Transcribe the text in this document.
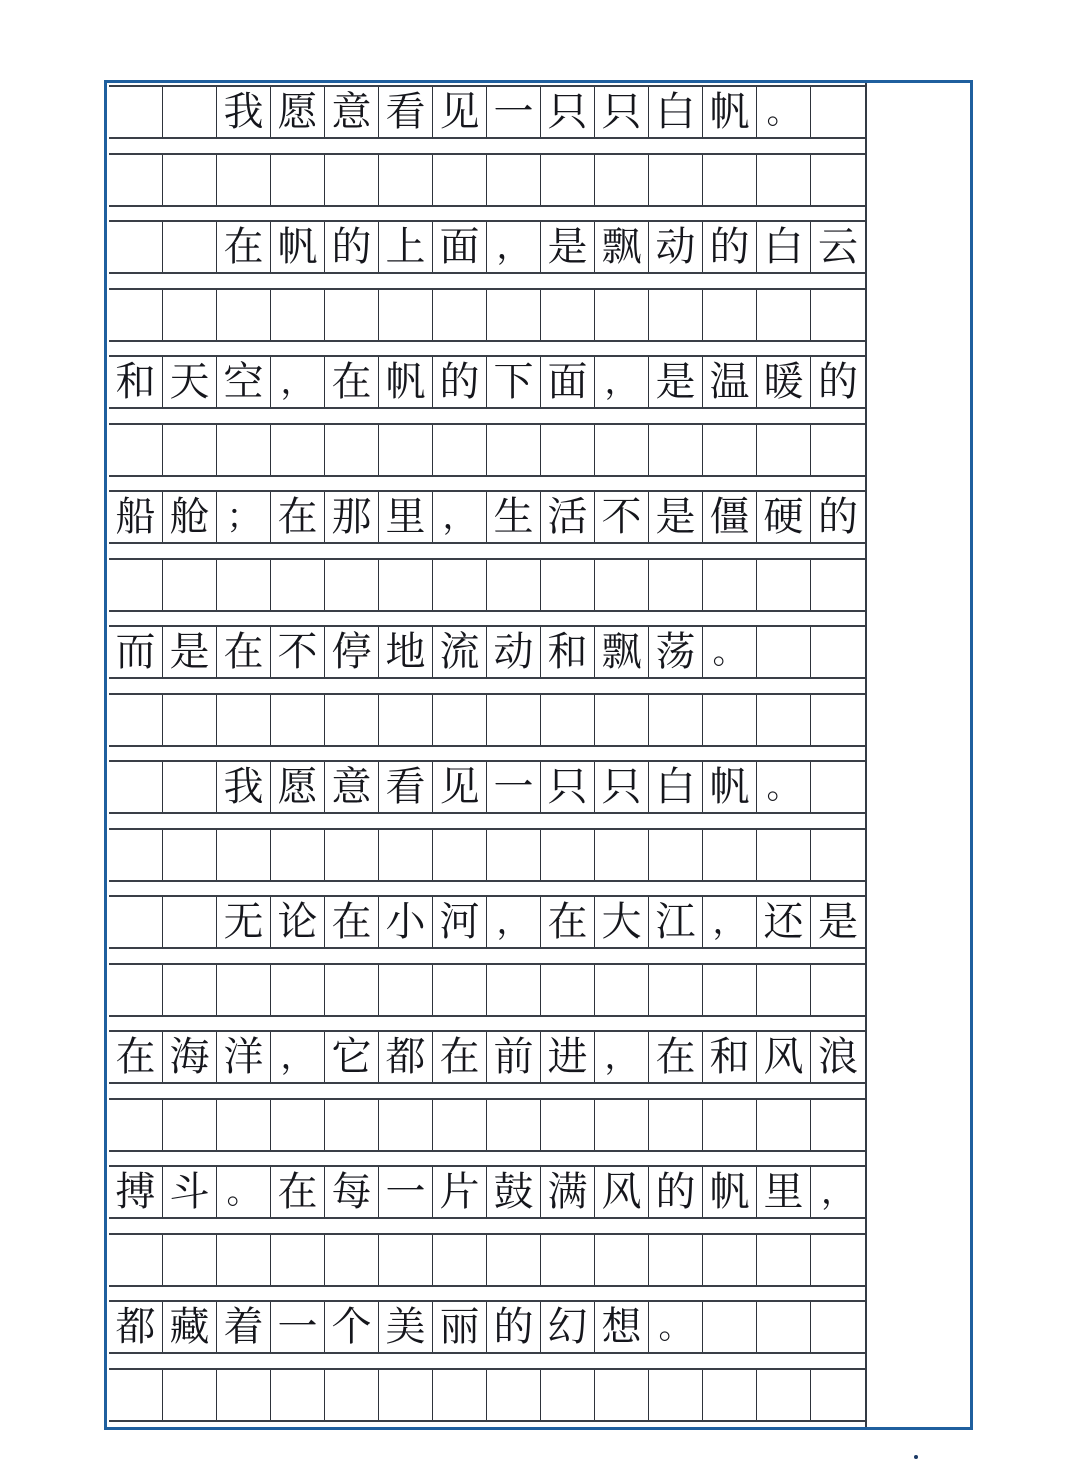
我 愿 意 看 见 一 只 只 白 帆 。
在 帆 的 上 面 ， 是 飘 动 的 白 云
和 天 空 ， 在 帆 的 下 面 ， 是 温 暖 的
船 舱 ； 在 那 里 ， 生 活 不 是 僵 硬 的
而 是 在 不 停 地 流 动 和 飘 荡 。
我 愿 意 看 见 一 只 只 白 帆 。
无 论 在 小 河 ， 在 大 江 ， 还 是
在 海 洋 ， 它 都 在 前 进 ， 在 和 风 浪
搏 斗 。 在 每 一 片 鼓 满 风 的 帆 里 ，
都 藏 着 一 个 美 丽 的 幻 想 。
